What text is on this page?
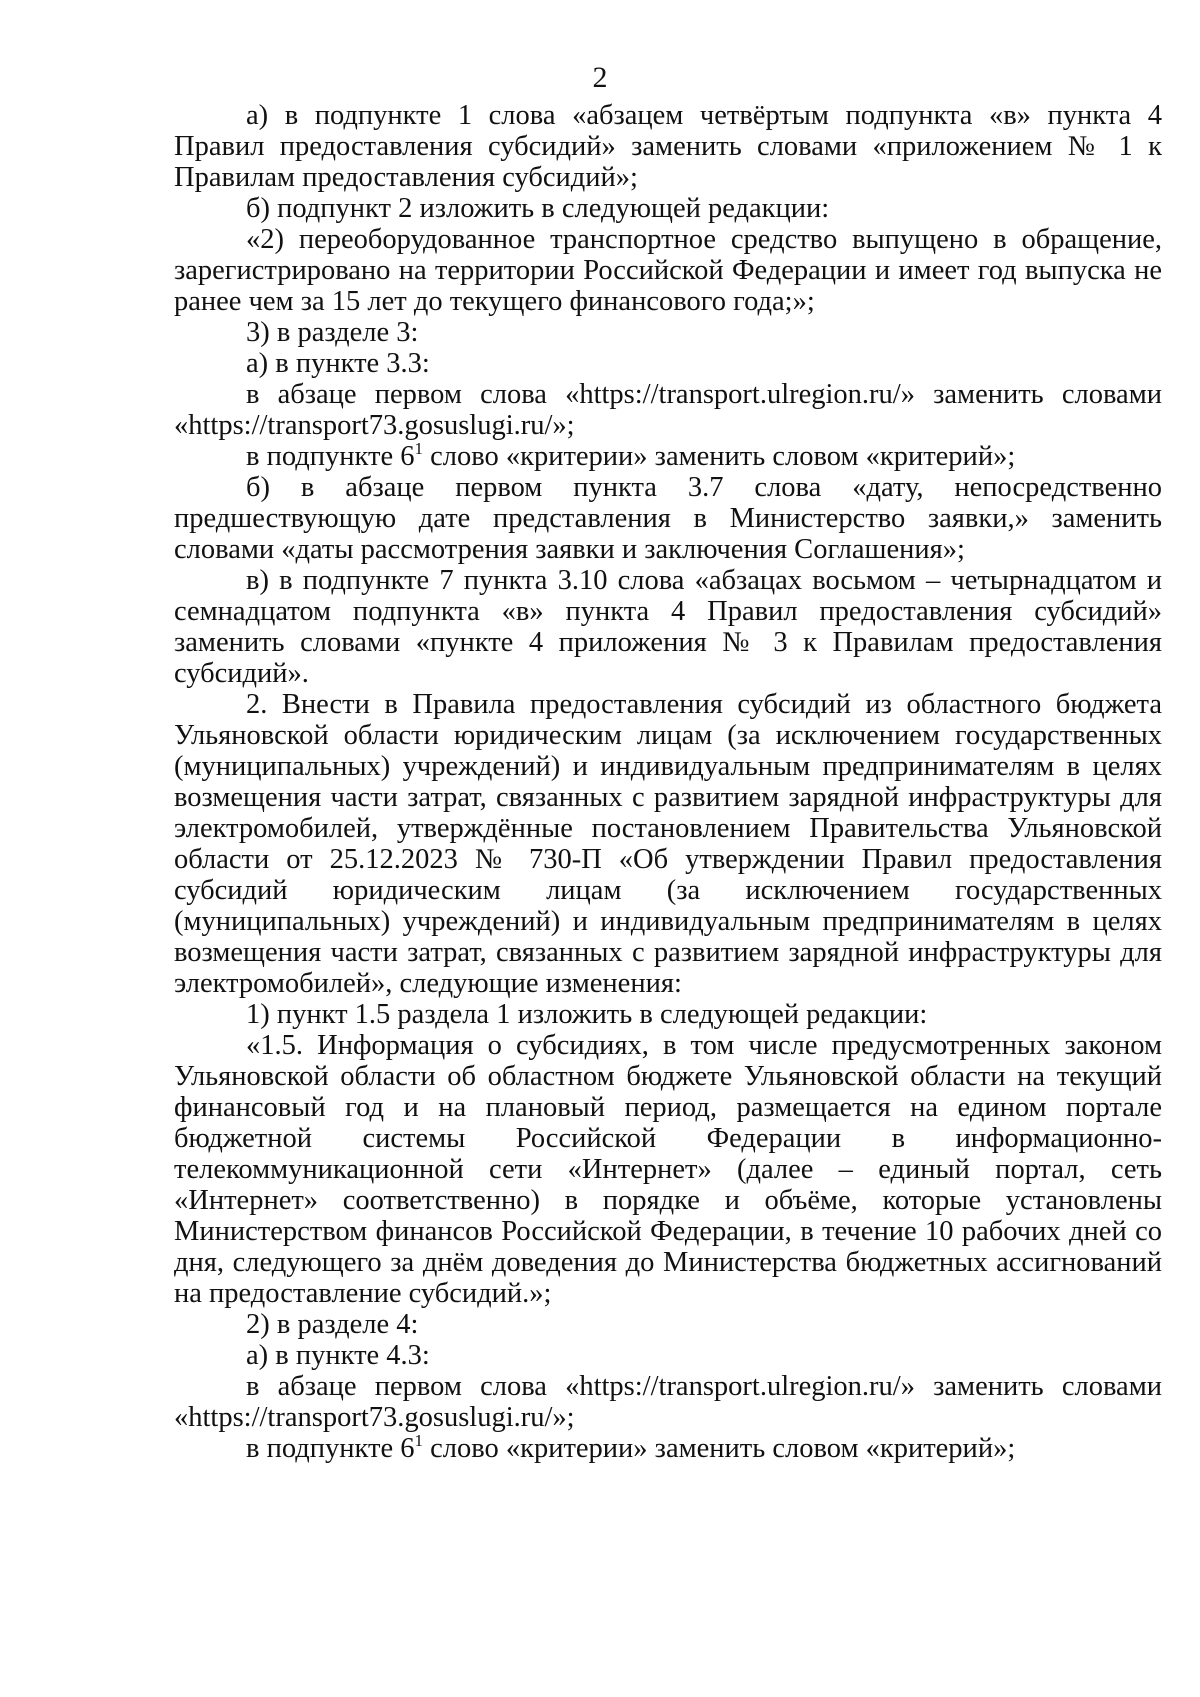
2

а) в подпункте 1 слова «абзацем четвёртым подпункта «в» пункта 4 Правил предоставления субсидий» заменить словами «приложением № 1 к Правилам предоставления субсидий»;

б) подпункт 2 изложить в следующей редакции:

«2) переоборудованное транспортное средство выпущено в обращение, зарегистрировано на территории Российской Федерации и имеет год выпуска не ранее чем за 15 лет до текущего финансового года;»;

3) в разделе 3:

а) в пункте 3.3:

в абзаце первом слова «https://transport.ulregion.ru/» заменить словами «https://transport73.gosuslugi.ru/»;

в подпункте $6^1$ слово «критерии» заменить словом «критерий»;

б) в абзаце первом пункта 3.7 слова «дату, непосредственно предшествующую дате представления в Министерство заявки,» заменить словами «даты рассмотрения заявки и заключения Соглашения»;

в) в подпункте 7 пункта 3.10 слова «абзацах восьмом – четырнадцатом и семнадцатом подпункта «в» пункта 4 Правил предоставления субсидий» заменить словами «пункте 4 приложения № 3 к Правилам предоставления субсидий».

2. Внести в Правила предоставления субсидий из областного бюджета Ульяновской области юридическим лицам (за исключением государственных (муниципальных) учреждений) и индивидуальным предпринимателям в целях возмещения части затрат, связанных с развитием зарядной инфраструктуры для электромобилей, утверждённые постановлением Правительства Ульяновской области от 25.12.2023 № 730-П «Об утверждении Правил предоставления субсидий юридическим лицам (за исключением государственных (муниципальных) учреждений) и индивидуальным предпринимателям в целях возмещения части затрат, связанных с развитием зарядной инфраструктуры для электромобилей», следующие изменения:

1) пункт 1.5 раздела 1 изложить в следующей редакции:

«1.5. Информация о субсидиях, в том числе предусмотренных законом Ульяновской области об областном бюджете Ульяновской области на текущий финансовый год и на плановый период, размещается на едином портале бюджетной системы Российской Федерации в информационно-телекоммуникационной сети «Интернет» (далее – единый портал, сеть «Интернет» соответственно) в порядке и объёме, которые установлены Министерством финансов Российской Федерации, в течение 10 рабочих дней со дня, следующего за днём доведения до Министерства бюджетных ассигнований на предоставление субсидий.»;

2) в разделе 4:

а) в пункте 4.3:

в абзаце первом слова «https://transport.ulregion.ru/» заменить словами «https://transport73.gosuslugi.ru/»;

в подпункте $6^1$ слово «критерии» заменить словом «критерий»;
